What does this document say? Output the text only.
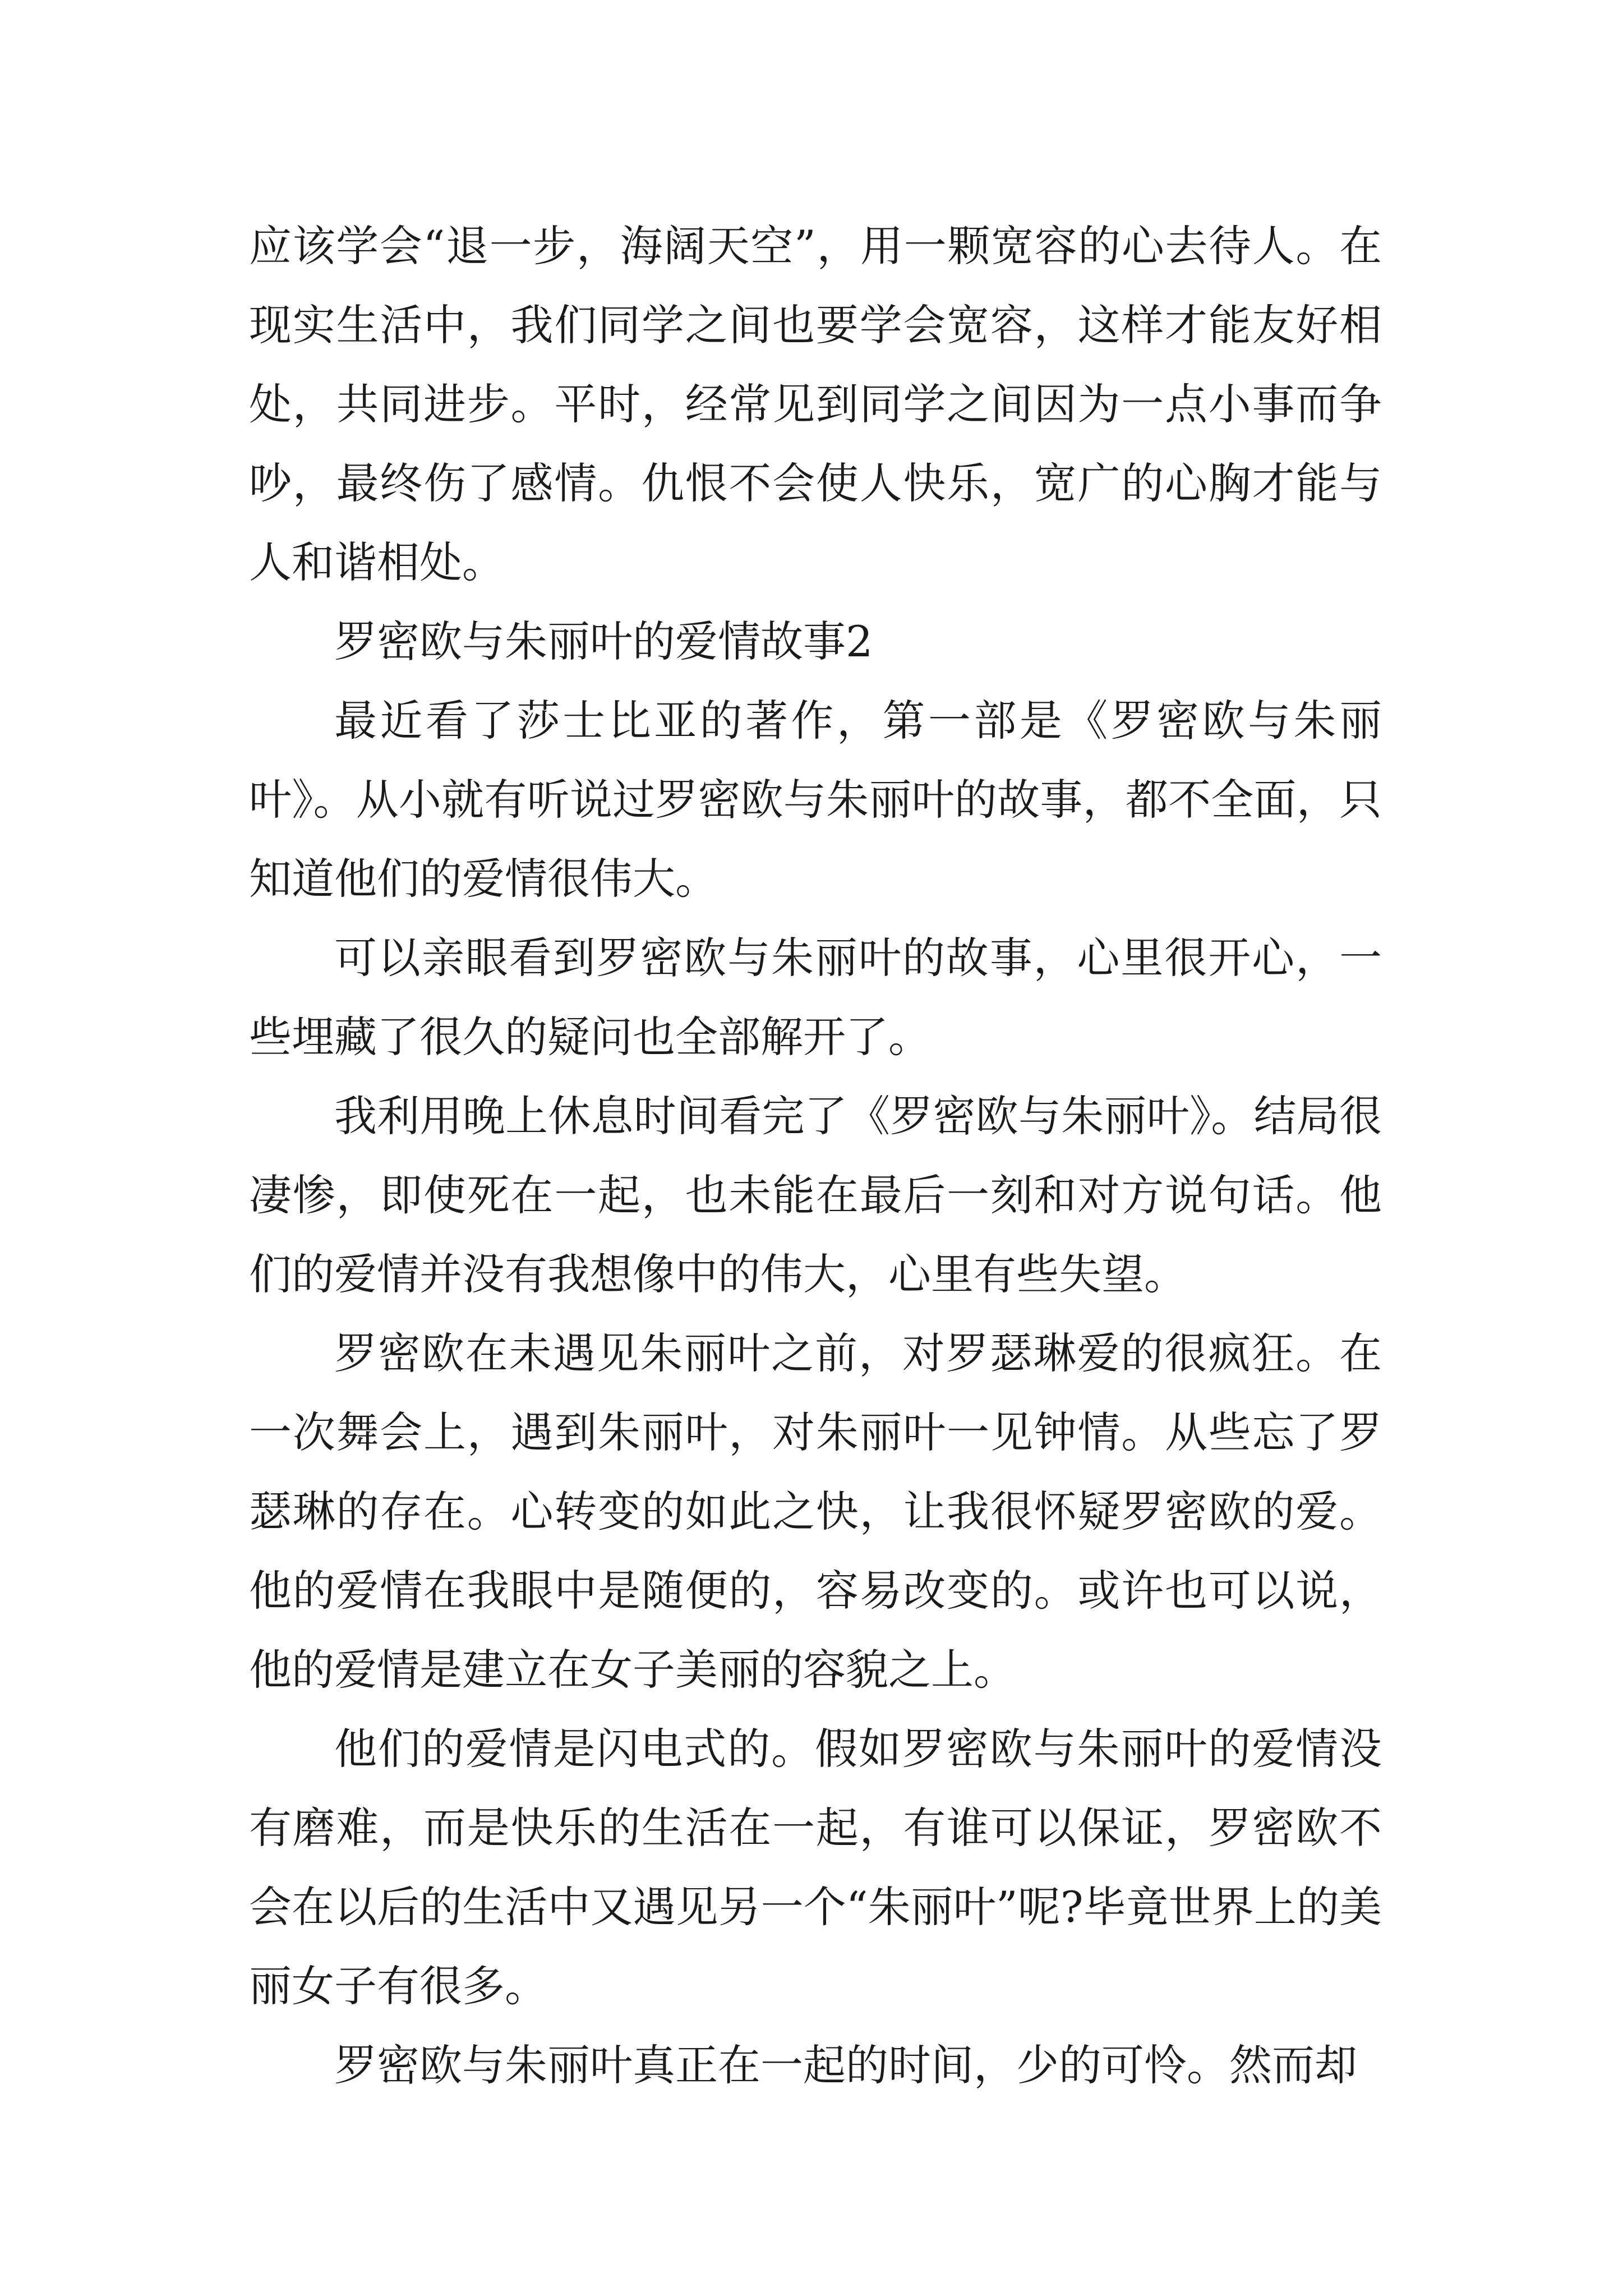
应该学会“退一步，海阔天空”，用一颗宽容的心去待人。在现实生活中，我们同学之间也要学会宽容，这样才能友好相处，共同进步。平时，经常见到同学之间因为一点小事而争吵，最终伤了感情。仇恨不会使人快乐，宽广的心胸才能与人和谐相处。

罗密欧与朱丽叶的爱情故事2

最近看了莎士比亚的著作，第一部是《罗密欧与朱丽叶》。从小就有听说过罗密欧与朱丽叶的故事，都不全面，只知道他们的爱情很伟大。

可以亲眼看到罗密欧与朱丽叶的故事，心里很开心，一些埋藏了很久的疑问也全部解开了。

我利用晚上休息时间看完了《罗密欧与朱丽叶》。结局很凄惨，即使死在一起，也未能在最后一刻和对方说句话。他们的爱情并没有我想像中的伟大，心里有些失望。

罗密欧在未遇见朱丽叶之前，对罗瑟琳爱的很疯狂。在一次舞会上，遇到朱丽叶，对朱丽叶一见钟情。从些忘了罗瑟琳的存在。心转变的如此之快，让我很怀疑罗密欧的爱。他的爱情在我眼中是随便的，容易改变的。或许也可以说，他的爱情是建立在女子美丽的容貌之上。

他们的爱情是闪电式的。假如罗密欧与朱丽叶的爱情没有磨难，而是快乐的生活在一起，有谁可以保证，罗密欧不会在以后的生活中又遇见另一个“朱丽叶”呢?毕竟世界上的美丽女子有很多。

罗密欧与朱丽叶真正在一起的时间，少的可怜。然而却
